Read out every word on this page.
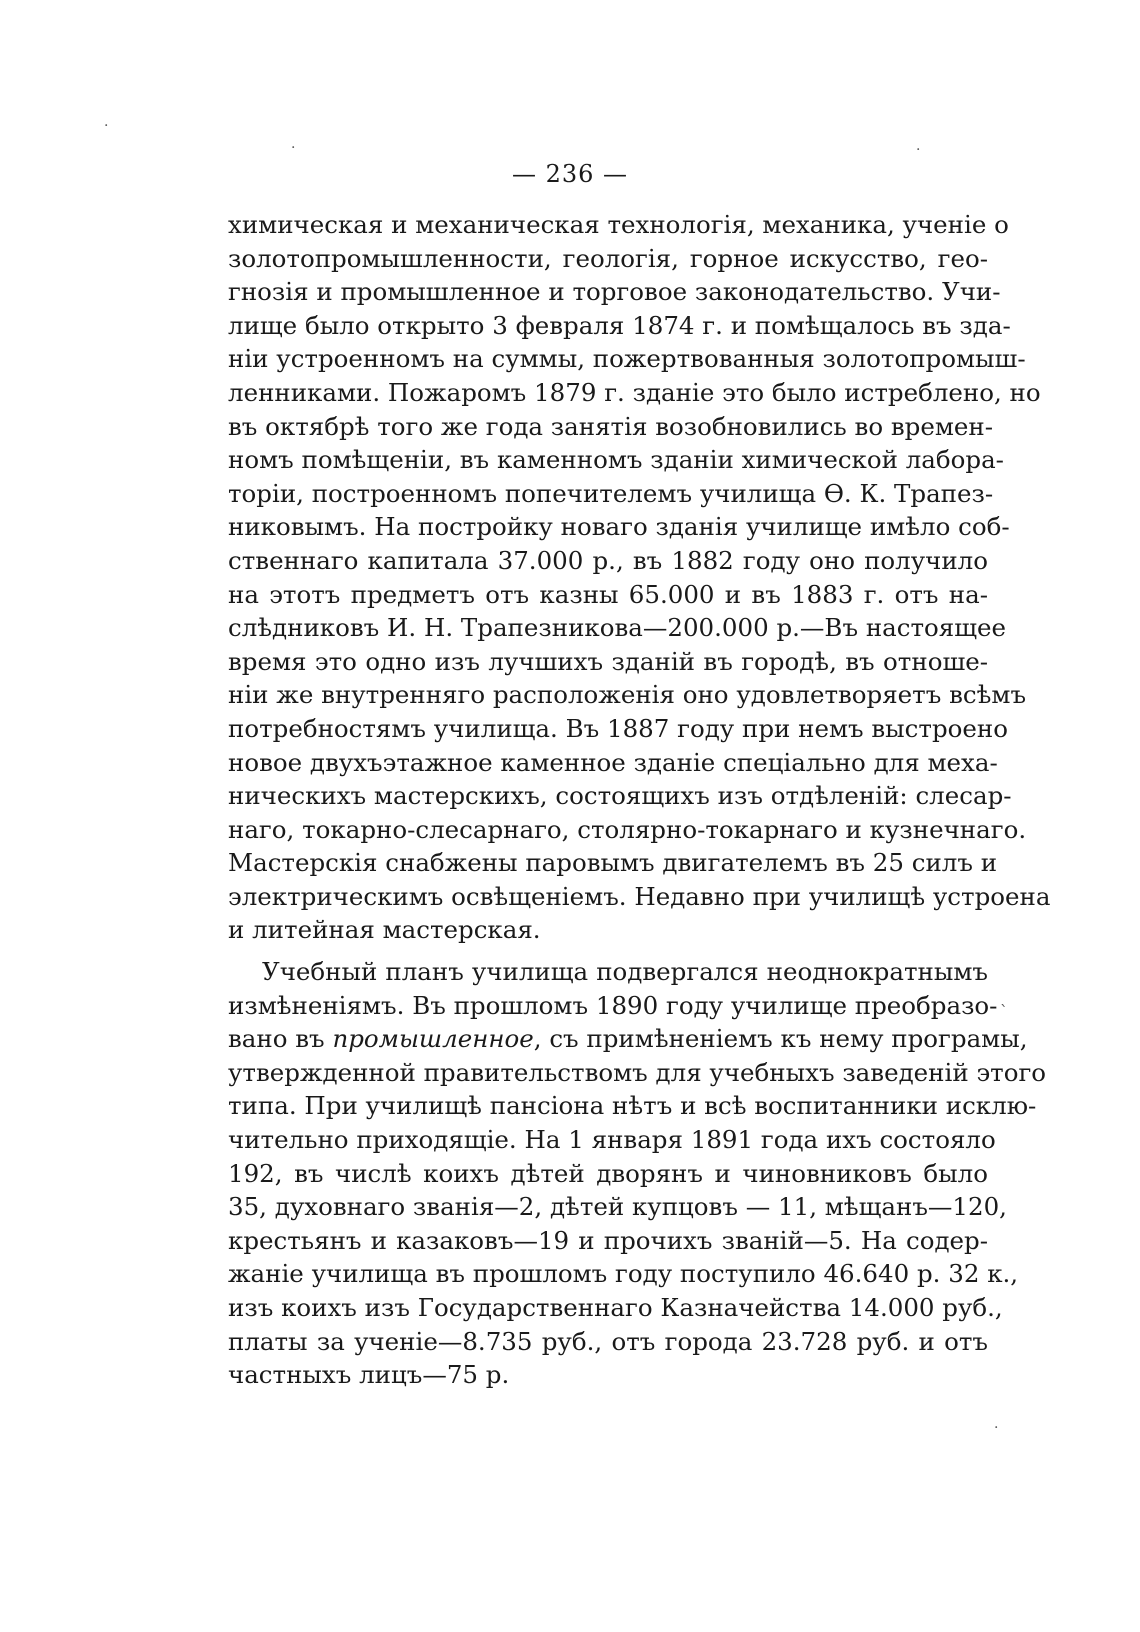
·
·	·
ˋ
·
— 236 —
химическая и механическая технологія, механика, ученіе о
золотопромышленности, геологія, горное искусство, гео-
гнозія и промышленное и торговое законодательство. Учи-
лище было открыто 3 февраля 1874 г. и помѣщалось въ зда-
ніи устроенномъ на суммы, пожертвованныя золотопромыш-
ленниками. Пожаромъ 1879 г. зданіе это было истреблено, но
въ октябрѣ того же года занятія возобновились во времен-
номъ помѣщеніи, въ каменномъ зданіи химической лабора-
торіи, построенномъ попечителемъ училища Ѳ. К. Трапез-
никовымъ. На постройку новаго зданія училище имѣло соб-
ственнаго капитала 37.000 р., въ 1882 году оно получило
на этотъ предметъ отъ казны 65.000 и въ 1883 г. отъ на-
слѣдниковъ И. Н. Трапезникова—200.000 р.—Въ настоящее
время это одно изъ лучшихъ зданій въ городѣ, въ отноше-
ніи же внутренняго расположенія оно удовлетворяетъ всѣмъ
потребностямъ училища. Въ 1887 году при немъ выстроено
новое двухъэтажное каменное зданіе спеціально для меха-
ническихъ мастерскихъ, состоящихъ изъ отдѣленій: слесар-
наго, токарно-слесарнаго, столярно-токарнаго и кузнечнаго.
Мастерскія снабжены паровымъ двигателемъ въ 25 силъ и
электрическимъ освѣщеніемъ. Недавно при училищѣ устроена
и литейная мастерская.
Учебный планъ училища подвергался неоднократнымъ
измѣненіямъ. Въ прошломъ 1890 году училище преобразо-
вано въ промышленное, съ примѣненіемъ къ нему програмы,
утвержденной правительствомъ для учебныхъ заведеній этого
типа. При училищѣ пансіона нѣтъ и всѣ воспитанники исклю-
чительно приходящіе. На 1 января 1891 года ихъ состояло
192, въ числѣ коихъ дѣтей дворянъ и чиновниковъ было
35, духовнаго званія—2, дѣтей купцовъ — 11, мѣщанъ—120,
крестьянъ и казаковъ—19 и прочихъ званій—5. На содер-
жаніе училища въ прошломъ году поступило 46.640 р. 32 к.,
изъ коихъ изъ Государственнаго Казначейства 14.000 руб.,
платы за ученіе—8.735 руб., отъ города 23.728 руб. и отъ
частныхъ лицъ—75 р.
